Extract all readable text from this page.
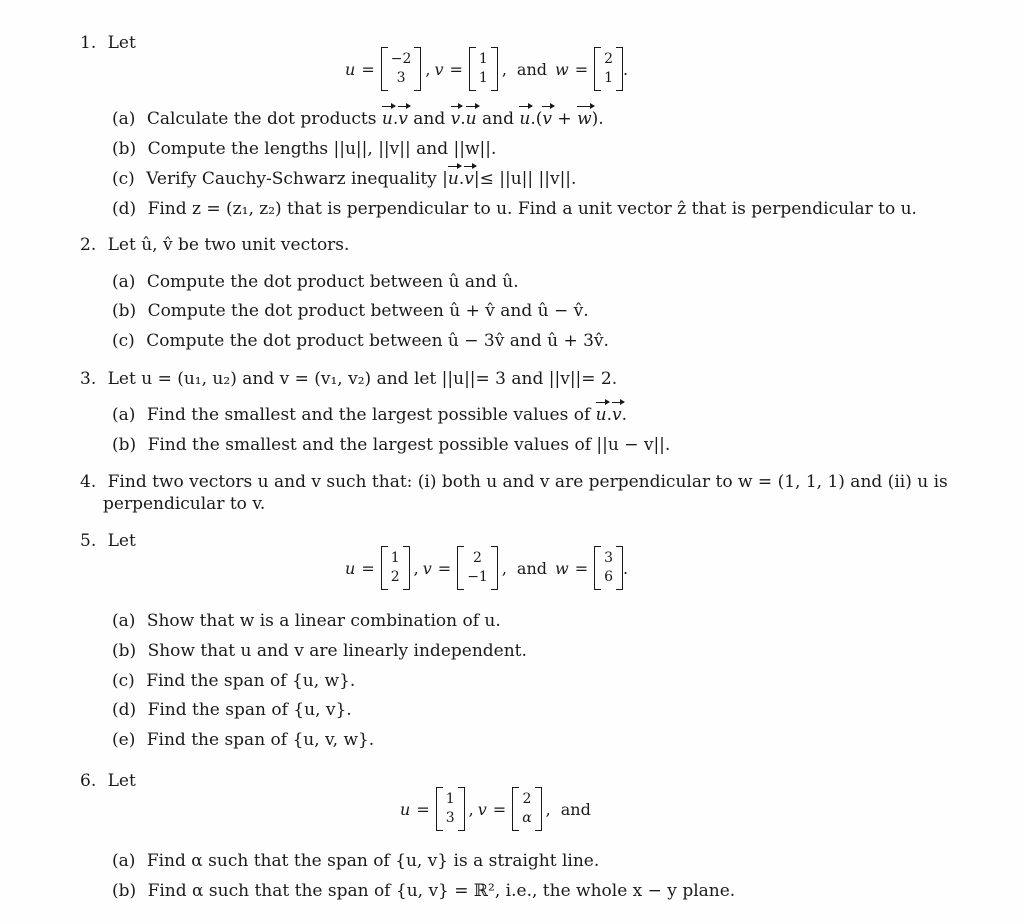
1. Let
u =
−2
3	, v =
1
1 , and w =
2
1 .
(a) Calculate the dot products u.v and v.u and u.(v + w).
(b) Compute the lengths ||u||, ||v|| and ||w||.
(c) Verify Cauchy-Schwarz inequality |u.v|≤ ||u|| ||v||.
(d) Find z = (z₁, z₂) that is perpendicular to u. Find a unit vector ẑ that is perpendicular to u.
2. Let û, v̂ be two unit vectors.
(a) Compute the dot product between û and û.
(b) Compute the dot product between û + v̂ and û − v̂.
(c) Compute the dot product between û − 3v̂ and û + 3v̂.
3. Let u = (u₁, u₂) and v = (v₁, v₂) and let ||u||= 3 and ||v||= 2.
(a) Find the smallest and the largest possible values of u.v.
(b) Find the smallest and the largest possible values of ||u − v||.
4. Find two vectors u and v such that: (i) both u and v are perpendicular to w = (1, 1, 1) and (ii) u is
perpendicular to v.
5. Let
u =
1
2 , v =
2
−1 , and w =
3
6 .
(a) Show that w is a linear combination of u.
(b) Show that u and v are linearly independent.
(c) Find the span of {u, w}.
(d) Find the span of {u, v}.
(e) Find the span of {u, v, w}.
6. Let
u =
1
3 , v =
2
α , and
(a) Find α such that the span of {u, v} is a straight line.
(b) Find α such that the span of {u, v} = ℝ², i.e., the whole x − y plane.
